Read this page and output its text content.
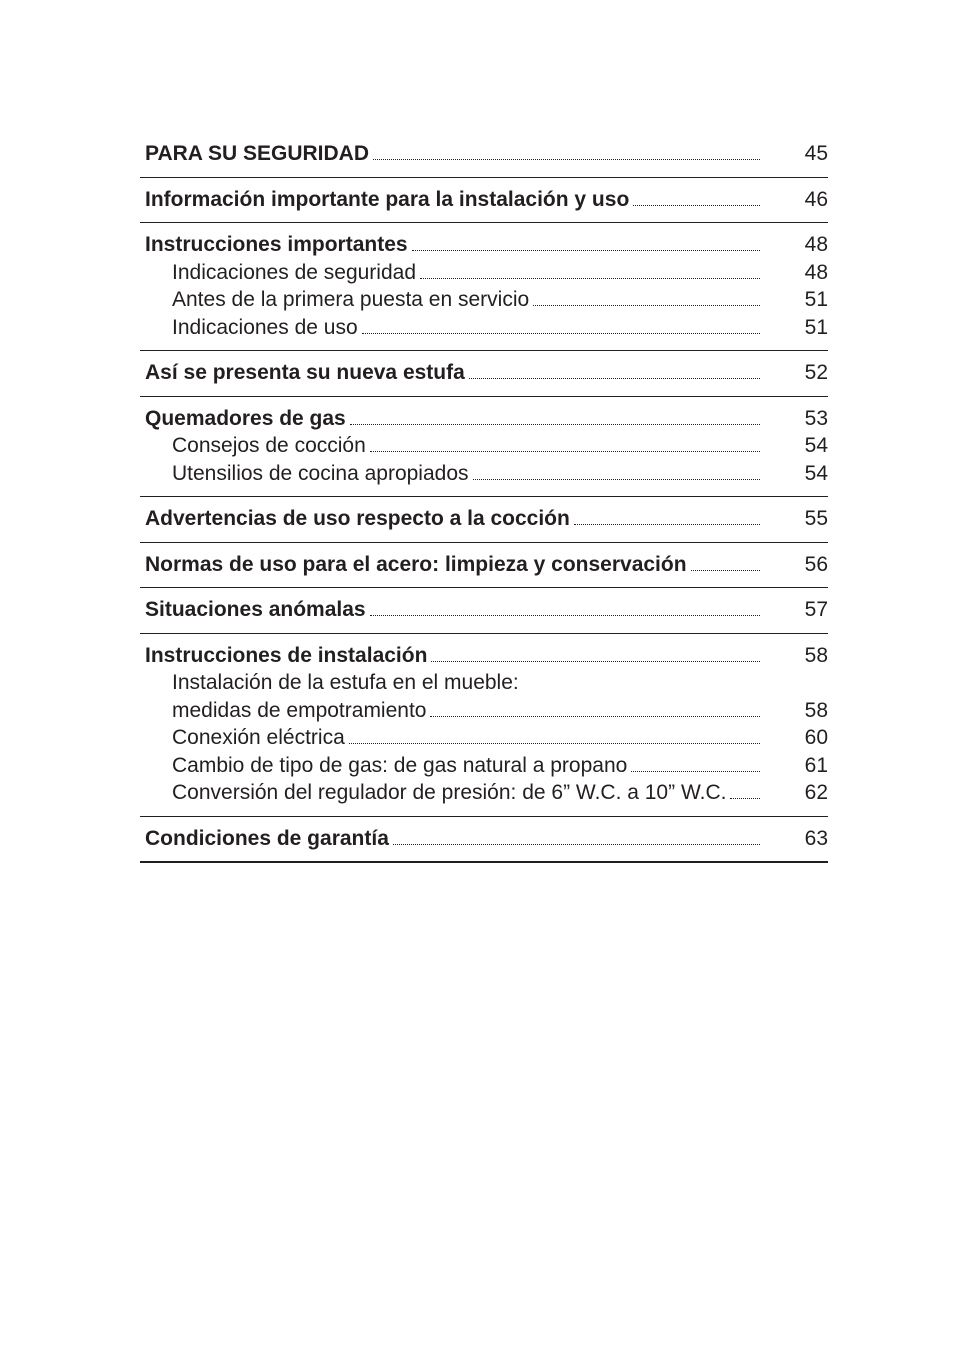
PARA SU SEGURIDAD	45
Información importante para la instalación y uso	46
Instrucciones importantes	48
Indicaciones de seguridad	48
Antes de la primera puesta en servicio	51
Indicaciones de uso	51
Así se presenta su nueva estufa	52
Quemadores de gas	53
Consejos de cocción	54
Utensilios de cocina apropiados	54
Advertencias de uso respecto a la cocción	55
Normas de uso para el acero: limpieza y conservación	56
Situaciones anómalas	57
Instrucciones de instalación	58
Instalación de la estufa en el mueble:
medidas de empotramiento	58
Conexión eléctrica	60
Cambio de tipo de gas: de gas natural a propano	61
Conversión del regulador de presión: de 6” W.C. a 10” W.C.	62
Condiciones de garantía	63
